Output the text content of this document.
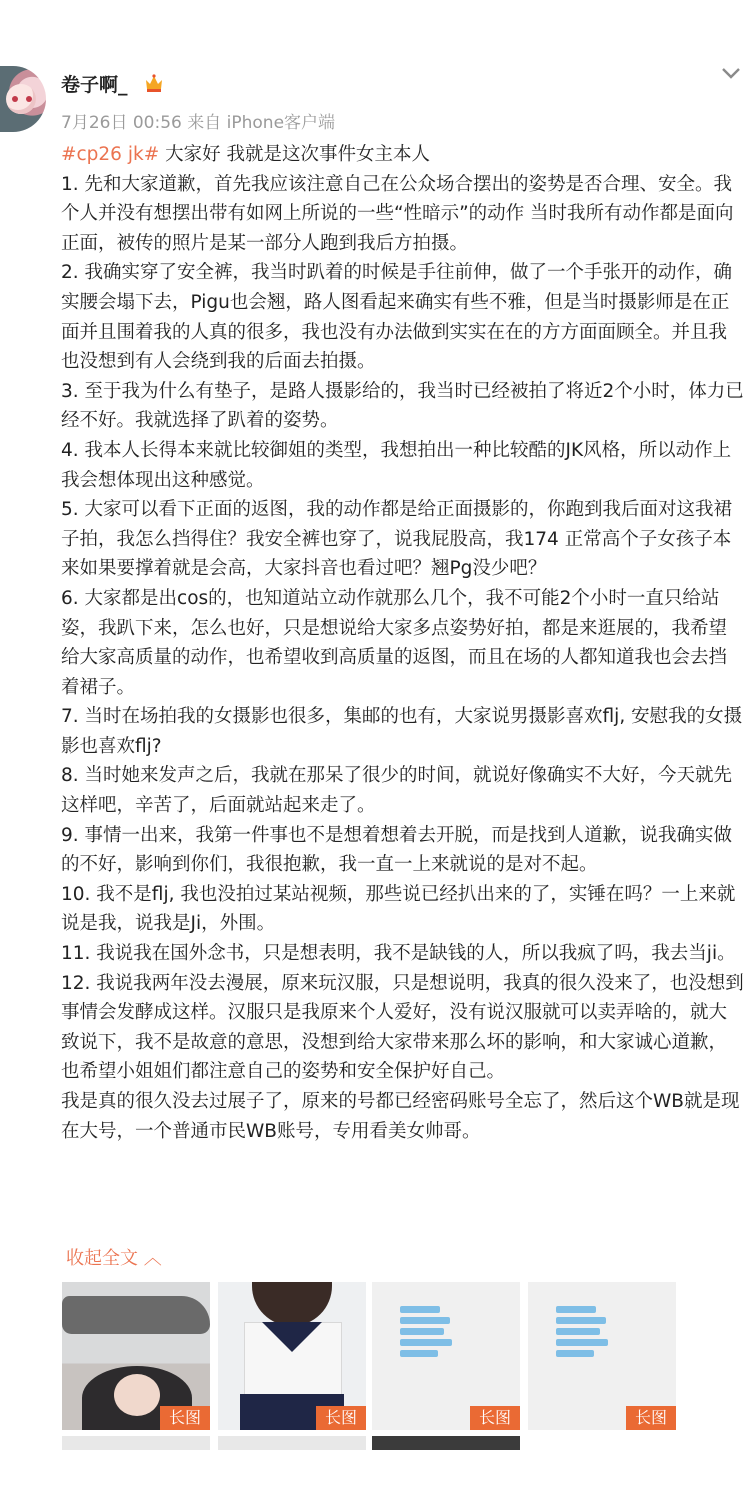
卷子啊_
7月26日 00:56 来自 iPhone客户端

#cp26 jk# 大家好 我就是这次事件女主本人

1. 先和大家道歉，首先我应该注意自己在公众场合摆出的姿势是否合理、安全。我个人并没有想摆出带有如网上所说的一些“性暗示”的动作 当时我所有动作都是面向正面，被传的照片是某一部分人跑到我后方拍摄。

2. 我确实穿了安全裤，我当时趴着的时候是手往前伸，做了一个手张开的动作，确实腰会塌下去，Pigu也会翘，路人图看起来确实有些不雅，但是当时摄影师是在正面并且围着我的人真的很多，我也没有办法做到实实在在的方方面面顾全。并且我也没想到有人会绕到我的后面去拍摄。

3. 至于我为什么有垫子，是路人摄影给的，我当时已经被拍了将近2个小时，体力已经不好。我就选择了趴着的姿势。

4. 我本人长得本来就比较御姐的类型，我想拍出一种比较酷的JK风格，所以动作上我会想体现出这种感觉。

5. 大家可以看下正面的返图，我的动作都是给正面摄影的，你跑到我后面对这我裙子拍，我怎么挡得住？我安全裤也穿了，说我屁股高，我174 正常高个子女孩子本来如果要撑着就是会高，大家抖音也看过吧？翘Pg没少吧？

6. 大家都是出cos的，也知道站立动作就那么几个，我不可能2个小时一直只给站姿，我趴下来，怎么也好，只是想说给大家多点姿势好拍，都是来逛展的，我希望给大家高质量的动作，也希望收到高质量的返图，而且在场的人都知道我也会去挡着裙子。

7. 当时在场拍我的女摄影也很多，集邮的也有，大家说男摄影喜欢flj, 安慰我的女摄影也喜欢flj?

8. 当时她来发声之后，我就在那呆了很少的时间，就说好像确实不大好，今天就先这样吧，辛苦了，后面就站起来走了。

9. 事情一出来，我第一件事也不是想着想着去开脱，而是找到人道歉，说我确实做的不好，影响到你们，我很抱歉，我一直一上来就说的是对不起。

10. 我不是flj, 我也没拍过某站视频，那些说已经扒出来的了，实锤在吗？一上来就说是我，说我是Ji，外围。

11. 我说我在国外念书，只是想表明，我不是缺钱的人，所以我疯了吗，我去当ji。

12. 我说我两年没去漫展，原来玩汉服，只是想说明，我真的很久没来了，也没想到事情会发酵成这样。汉服只是我原来个人爱好，没有说汉服就可以卖弄啥的，就大致说下，我不是故意的意思，没想到给大家带来那么坏的影响，和大家诚心道歉，也希望小姐姐们都注意自己的姿势和安全保护好自己。

我是真的很久没去过展子了，原来的号都已经密码账号全忘了，然后这个WB就是现在大号，一个普通市民WB账号，专用看美女帅哥。

收起全文 ︿
长图	长图	长图	长图
